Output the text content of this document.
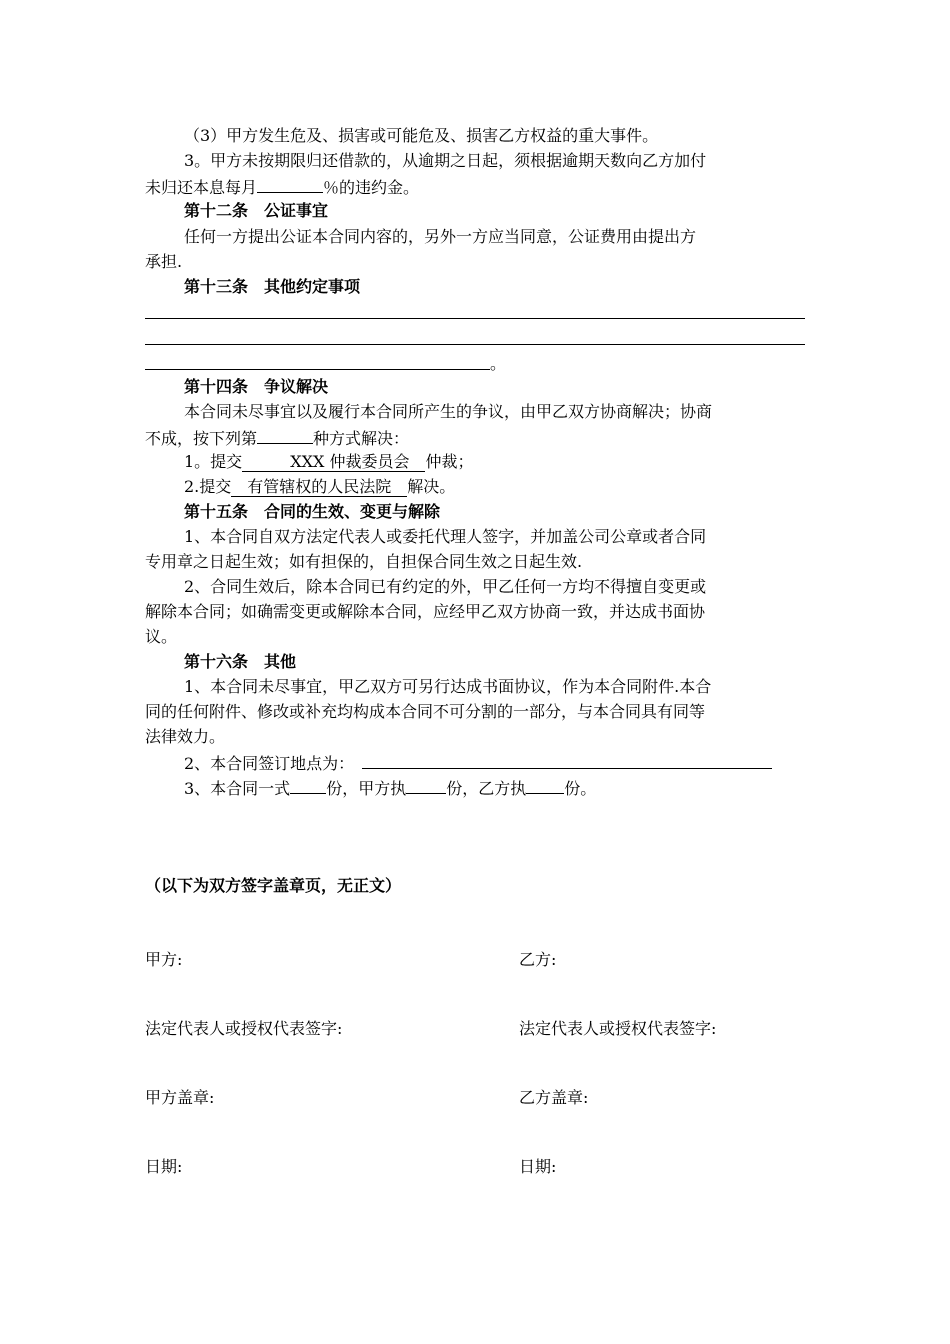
（3）甲方发生危及、损害或可能危及、损害乙方权益的重大事件。
3。甲方未按期限归还借款的，从逾期之日起，须根据逾期天数向乙方加付
未归还本息每月	％的违约金。
第十二条　公证事宜
任何一方提出公证本合同内容的，另外一方应当同意，公证费用由提出方
承担.
第十三条　其他约定事项
。
第十四条　争议解决
本合同未尽事宜以及履行本合同所产生的争议，由甲乙双方协商解决；协商
不成，按下列第	种方式解决：
1。提交　　　XXX 仲裁委员会　仲裁；
2.提交　有管辖权的人民法院　解决。
第十五条　合同的生效、变更与解除
1、本合同自双方法定代表人或委托代理人签字，并加盖公司公章或者合同
专用章之日起生效；如有担保的，自担保合同生效之日起生效.
2、合同生效后，除本合同已有约定的外，甲乙任何一方均不得擅自变更或
解除本合同；如确需变更或解除本合同，应经甲乙双方协商一致，并达成书面协
议。
第十六条　其他
1、本合同未尽事宜，甲乙双方可另行达成书面协议，作为本合同附件.本合
同的任何附件、修改或补充均构成本合同不可分割的一部分，与本合同具有同等
法律效力。
2、本合同签订地点为：
3、本合同一式 份，甲方执	份，乙方执 份。
（以下为双方签字盖章页，无正文）
甲方:	乙方:
法定代表人或授权代表签字:	法定代表人或授权代表签字:
甲方盖章:	乙方盖章:
日期:	日期:
